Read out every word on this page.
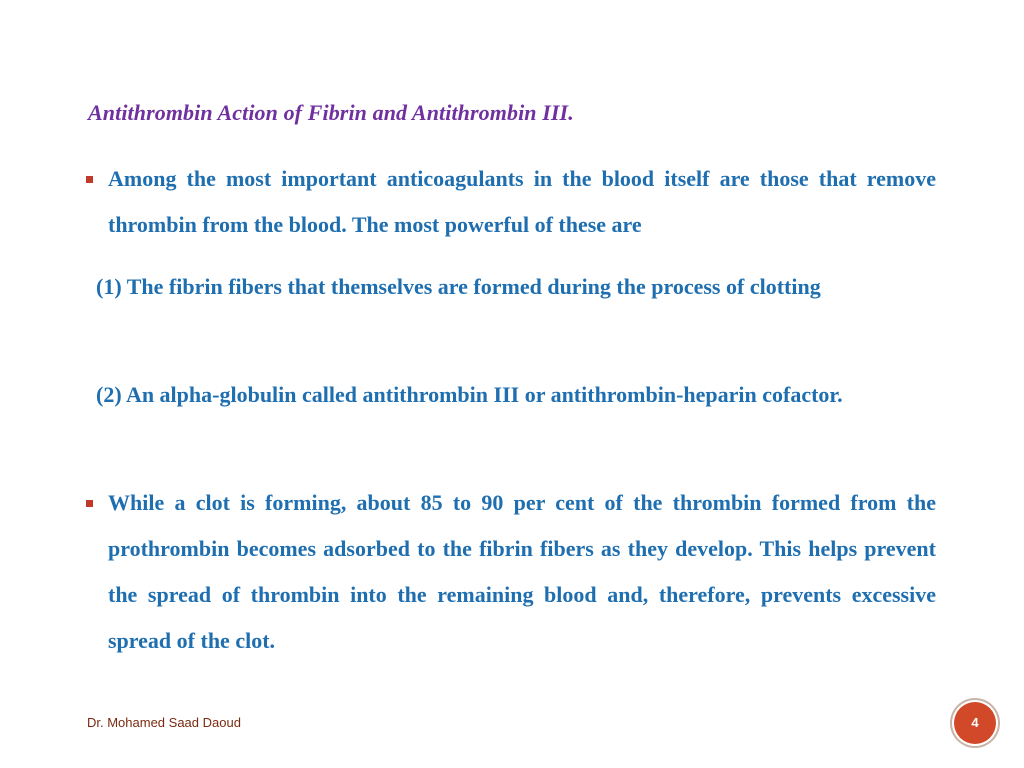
Antithrombin Action of Fibrin and Antithrombin III.

Among the most important anticoagulants in the blood itself are those that remove thrombin from the blood. The most powerful of these are

(1) The fibrin fibers that themselves are formed during the process of clotting

(2) An alpha-globulin called antithrombin III or antithrombin-heparin cofactor.

While a clot is forming, about 85 to 90 per cent of the thrombin formed from the prothrombin becomes adsorbed to the fibrin fibers as they develop. This helps prevent the spread of thrombin into the remaining blood and, therefore, prevents excessive spread of the clot.

Dr. Mohamed Saad Daoud	4
